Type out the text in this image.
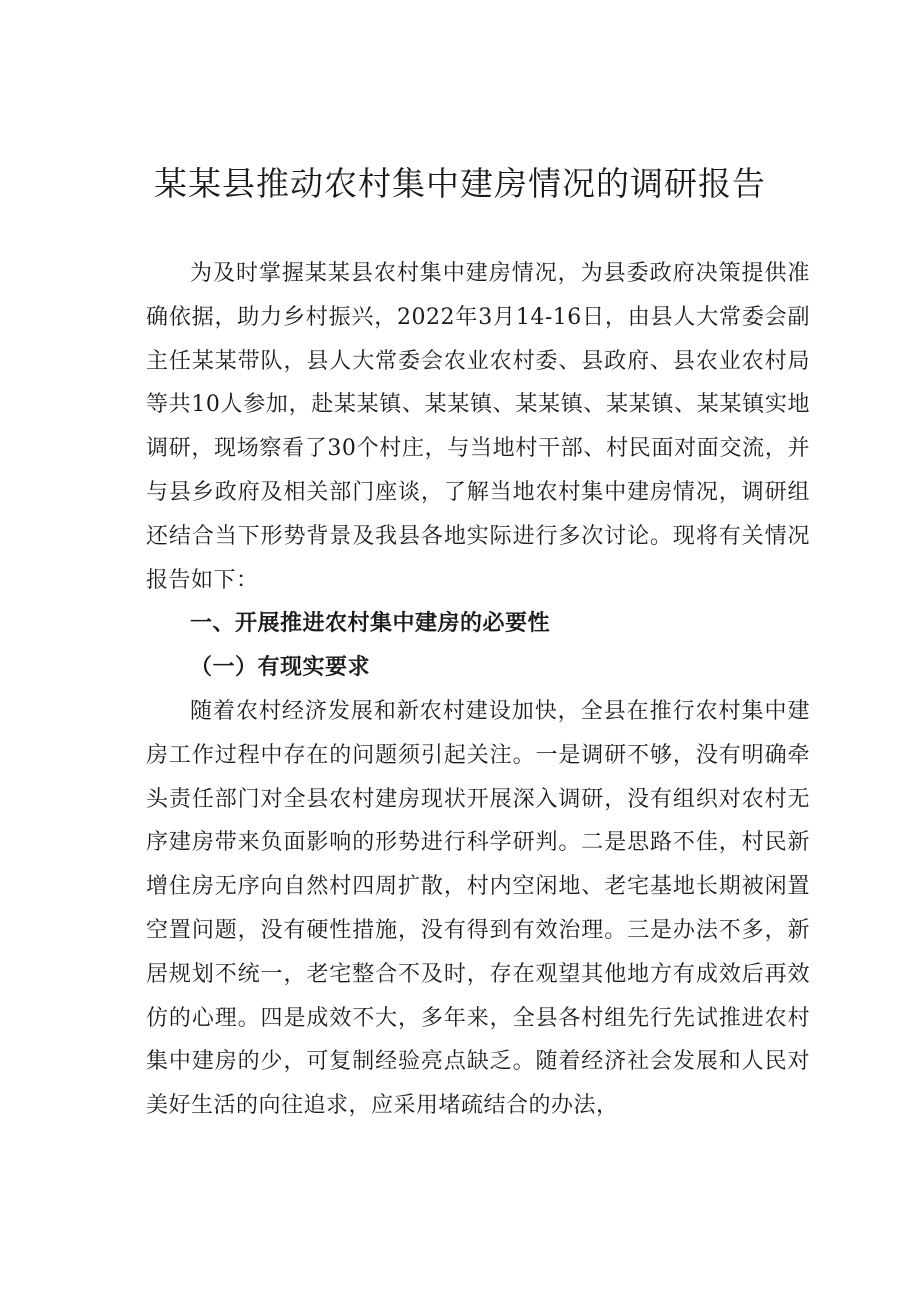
某某县推动农村集中建房情况的调研报告

为及时掌握某某县农村集中建房情况，为县委政府决策提供准确依据，助力乡村振兴，2022年3月14-16日，由县人大常委会副主任某某带队，县人大常委会农业农村委、县政府、县农业农村局等共10人参加，赴某某镇、某某镇、某某镇、某某镇、某某镇实地调研，现场察看了30个村庄，与当地村干部、村民面对面交流，并与县乡政府及相关部门座谈，了解当地农村集中建房情况，调研组还结合当下形势背景及我县各地实际进行多次讨论。现将有关情况报告如下：

一、开展推进农村集中建房的必要性

（一）有现实要求

随着农村经济发展和新农村建设加快，全县在推行农村集中建房工作过程中存在的问题须引起关注。一是调研不够，没有明确牵头责任部门对全县农村建房现状开展深入调研，没有组织对农村无序建房带来负面影响的形势进行科学研判。二是思路不佳，村民新增住房无序向自然村四周扩散，村内空闲地、老宅基地长期被闲置空置问题，没有硬性措施，没有得到有效治理。三是办法不多，新居规划不统一，老宅整合不及时，存在观望其他地方有成效后再效仿的心理。四是成效不大，多年来，全县各村组先行先试推进农村集中建房的少，可复制经验亮点缺乏。随着经济社会发展和人民对美好生活的向往追求，应采用堵疏结合的办法，
